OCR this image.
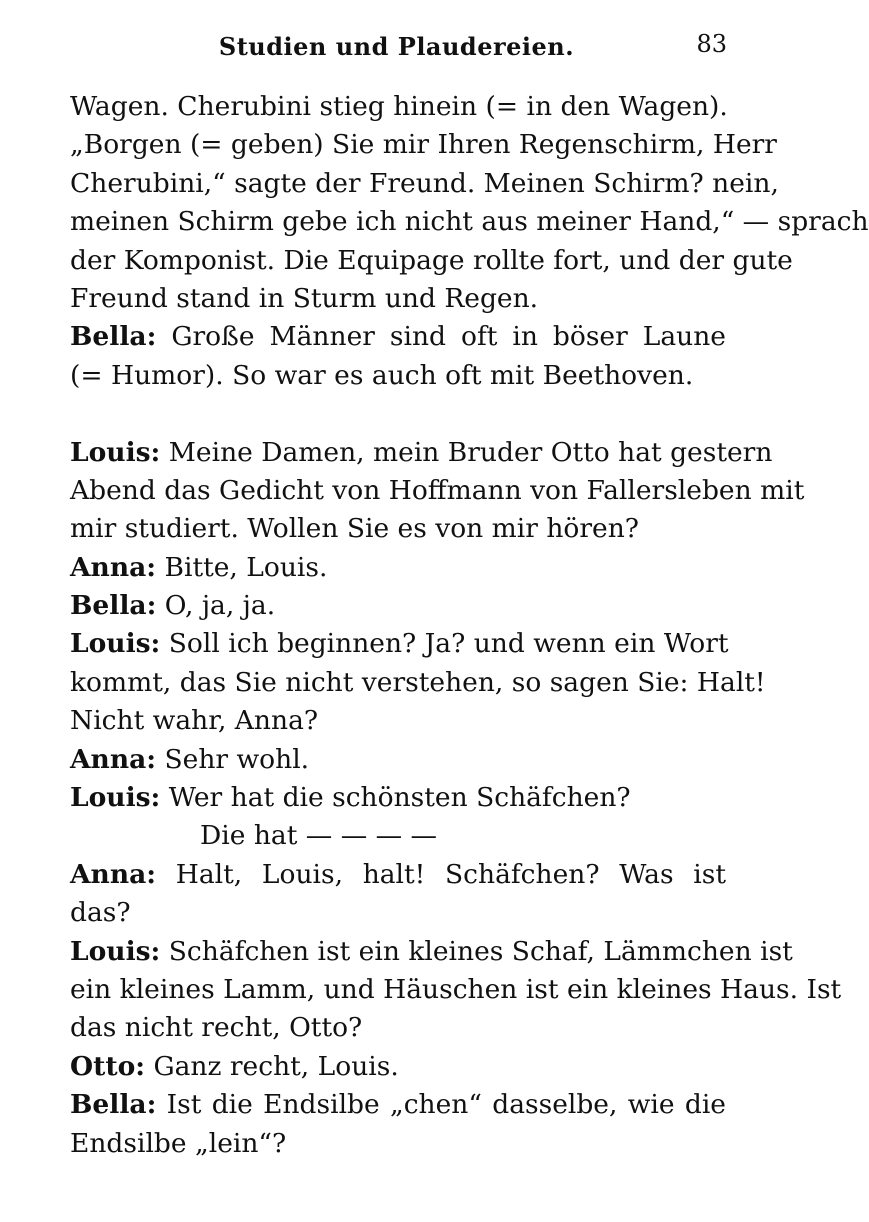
Studien und Plaudereien.	83
Wagen. Cherubini stieg hinein (= in den Wagen).
„Borgen (= geben) Sie mir Ihren Regenschirm, Herr
Cherubini,“ sagte der Freund. Meinen Schirm? nein,
meinen Schirm gebe ich nicht aus meiner Hand,“ — sprach
der Komponist. Die Equipage rollte fort, und der gute
Freund stand in Sturm und Regen.
Bella: Große Männer sind oft in böser Laune
(= Humor). So war es auch oft mit Beethoven.
Louis: Meine Damen, mein Bruder Otto hat gestern
Abend das Gedicht von Hoffmann von Fallersleben mit
mir studiert. Wollen Sie es von mir hören?
Anna: Bitte, Louis.
Bella: O, ja, ja.
Louis: Soll ich beginnen? Ja? und wenn ein Wort
kommt, das Sie nicht verstehen, so sagen Sie: Halt!
Nicht wahr, Anna?
Anna: Sehr wohl.
Louis: Wer hat die schönsten Schäfchen?
Die hat — — — —
Anna: Halt, Louis, halt! Schäfchen? Was ist
das?
Louis: Schäfchen ist ein kleines Schaf, Lämmchen ist
ein kleines Lamm, und Häuschen ist ein kleines Haus. Ist
das nicht recht, Otto?
Otto: Ganz recht, Louis.
Bella: Ist die Endsilbe „chen“ dasselbe, wie die
Endsilbe „lein“?
